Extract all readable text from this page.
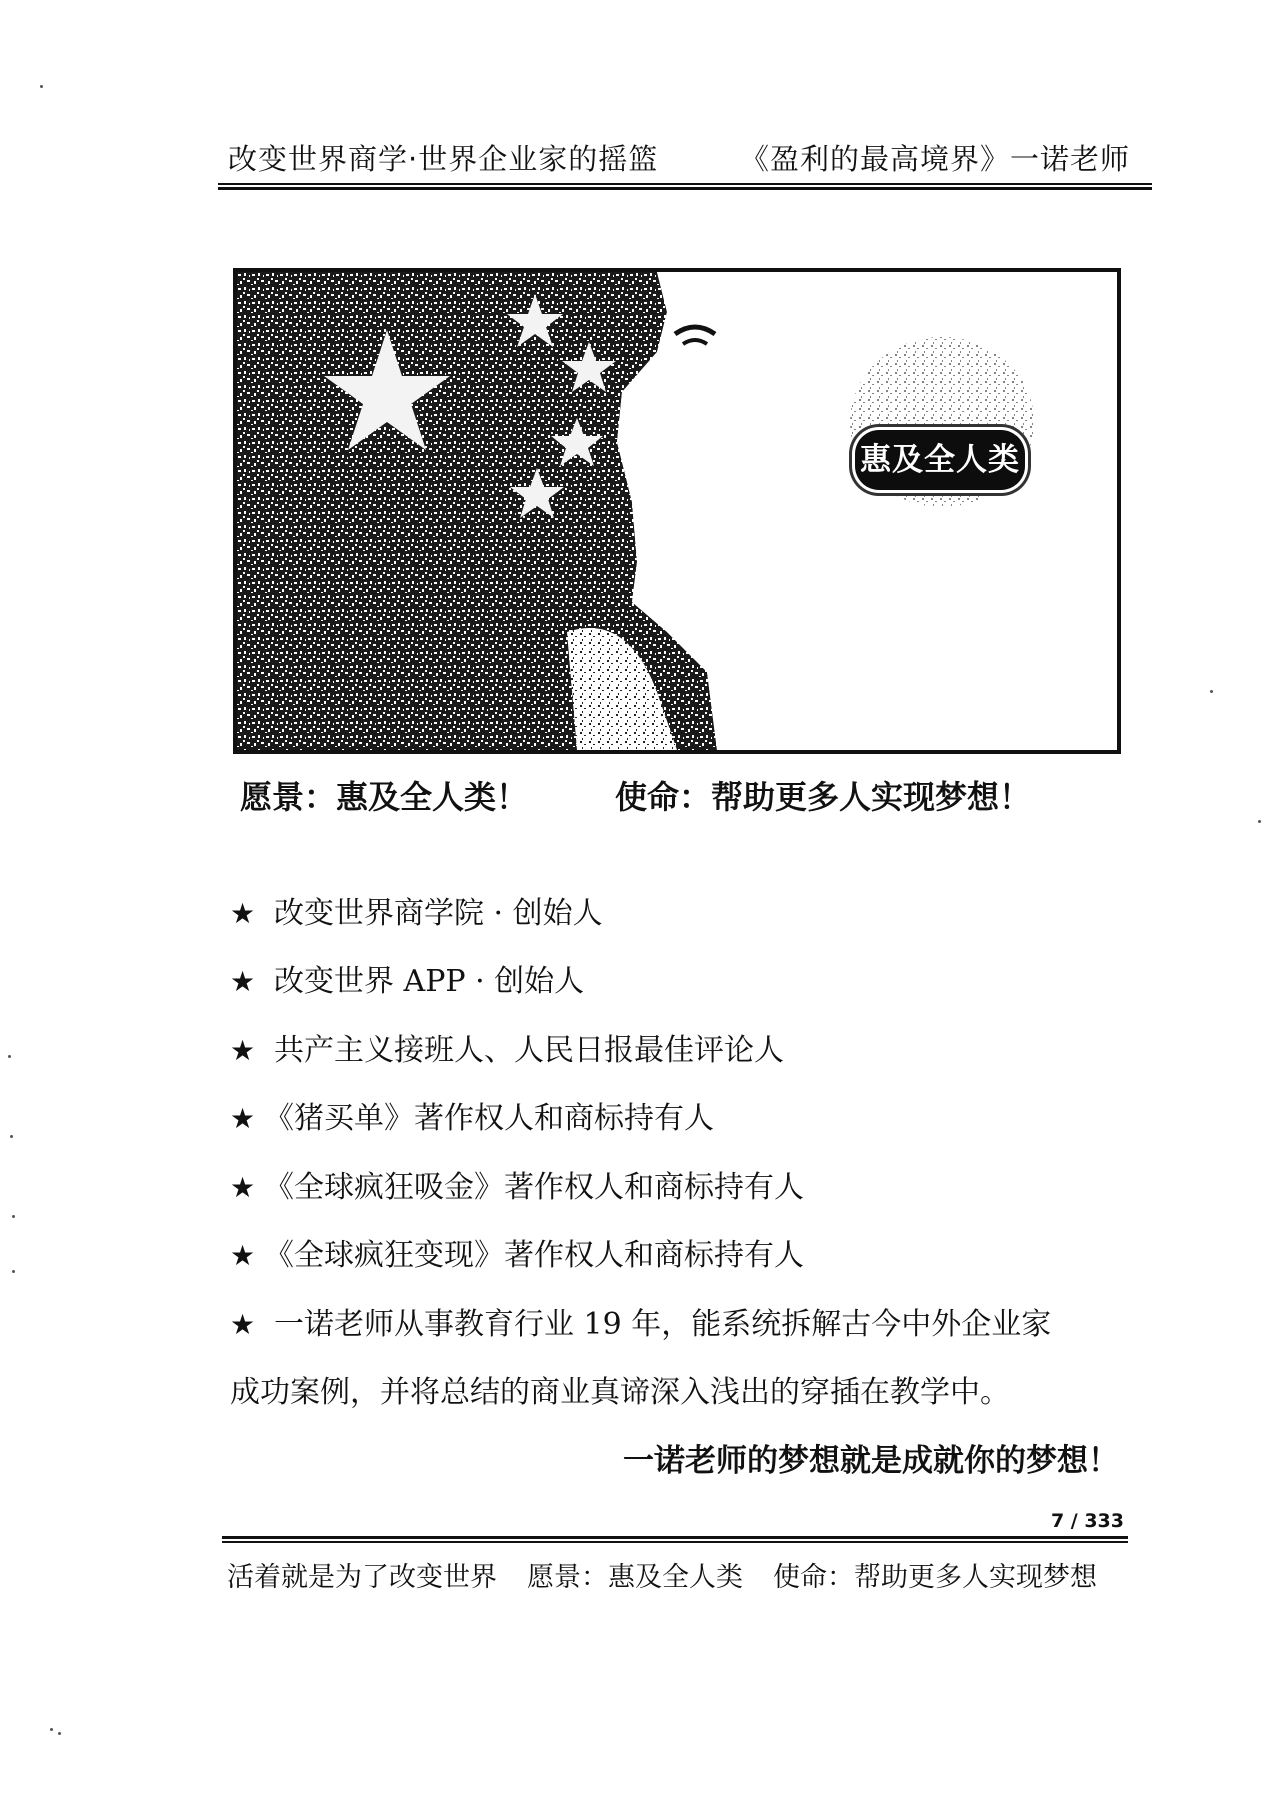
改变世界商学·世界企业家的摇篮	《盈利的最高境界》一诺老师
惠及全人类
愿景：惠及全人类！	使命：帮助更多人实现梦想！
★ 改变世界商学院 · 创始人
★ 改变世界 APP · 创始人
★ 共产主义接班人、人民日报最佳评论人
★ 《猪买单》著作权人和商标持有人
★ 《全球疯狂吸金》著作权人和商标持有人
★ 《全球疯狂变现》著作权人和商标持有人
★ 一诺老师从事教育行业 19 年，能系统拆解古今中外企业家
成功案例，并将总结的商业真谛深入浅出的穿插在教学中。
一诺老师的梦想就是成就你的梦想！
7 / 333
活着就是为了改变世界 愿景：惠及全人类 使命：帮助更多人实现梦想
